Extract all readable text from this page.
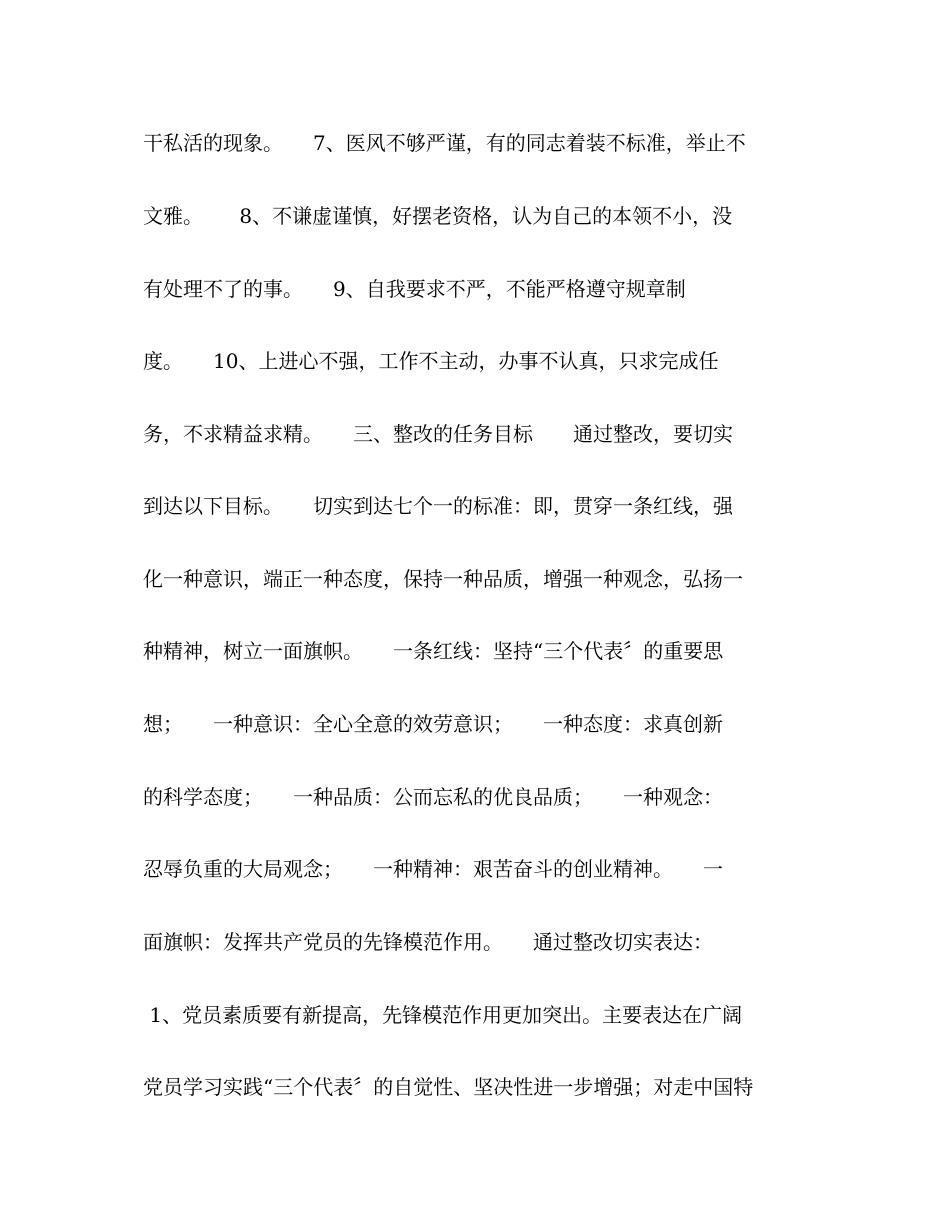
干私活的现象。　　7、医风不够严谨，有的同志着装不标准，举止不
文雅。　　 8、不谦虚谨慎，好摆老资格，认为自己的本领不小，没
有处理不了的事。　　9、自我要求不严，不能严格遵守规章制
度。　　10、上进心不强，工作不主动，办事不认真，只求完成任
务，不求精益求精。　　三、整改的任务目标　　通过整改，要切实
到达以下目标。　　切实到达七个一的标准：即，贯穿一条红线，强
化一种意识，端正一种态度，保持一种品质，增强一种观念，弘扬一
种精神，树立一面旗帜。　　一条红线：坚持“三个代表〞的重要思
想；　　一种意识：全心全意的效劳意识；　　一种态度：求真创新
的科学态度；　　一种品质：公而忘私的优良品质；　　一种观念：
忍辱负重的大局观念；　　一种精神：艰苦奋斗的创业精神。　　一
面旗帜：发挥共产党员的先锋模范作用。　　通过整改切实表达：
1、党员素质要有新提高，先锋模范作用更加突出。主要表达在广阔
党员学习实践“三个代表〞的自觉性、坚决性进一步增强；对走中国特
